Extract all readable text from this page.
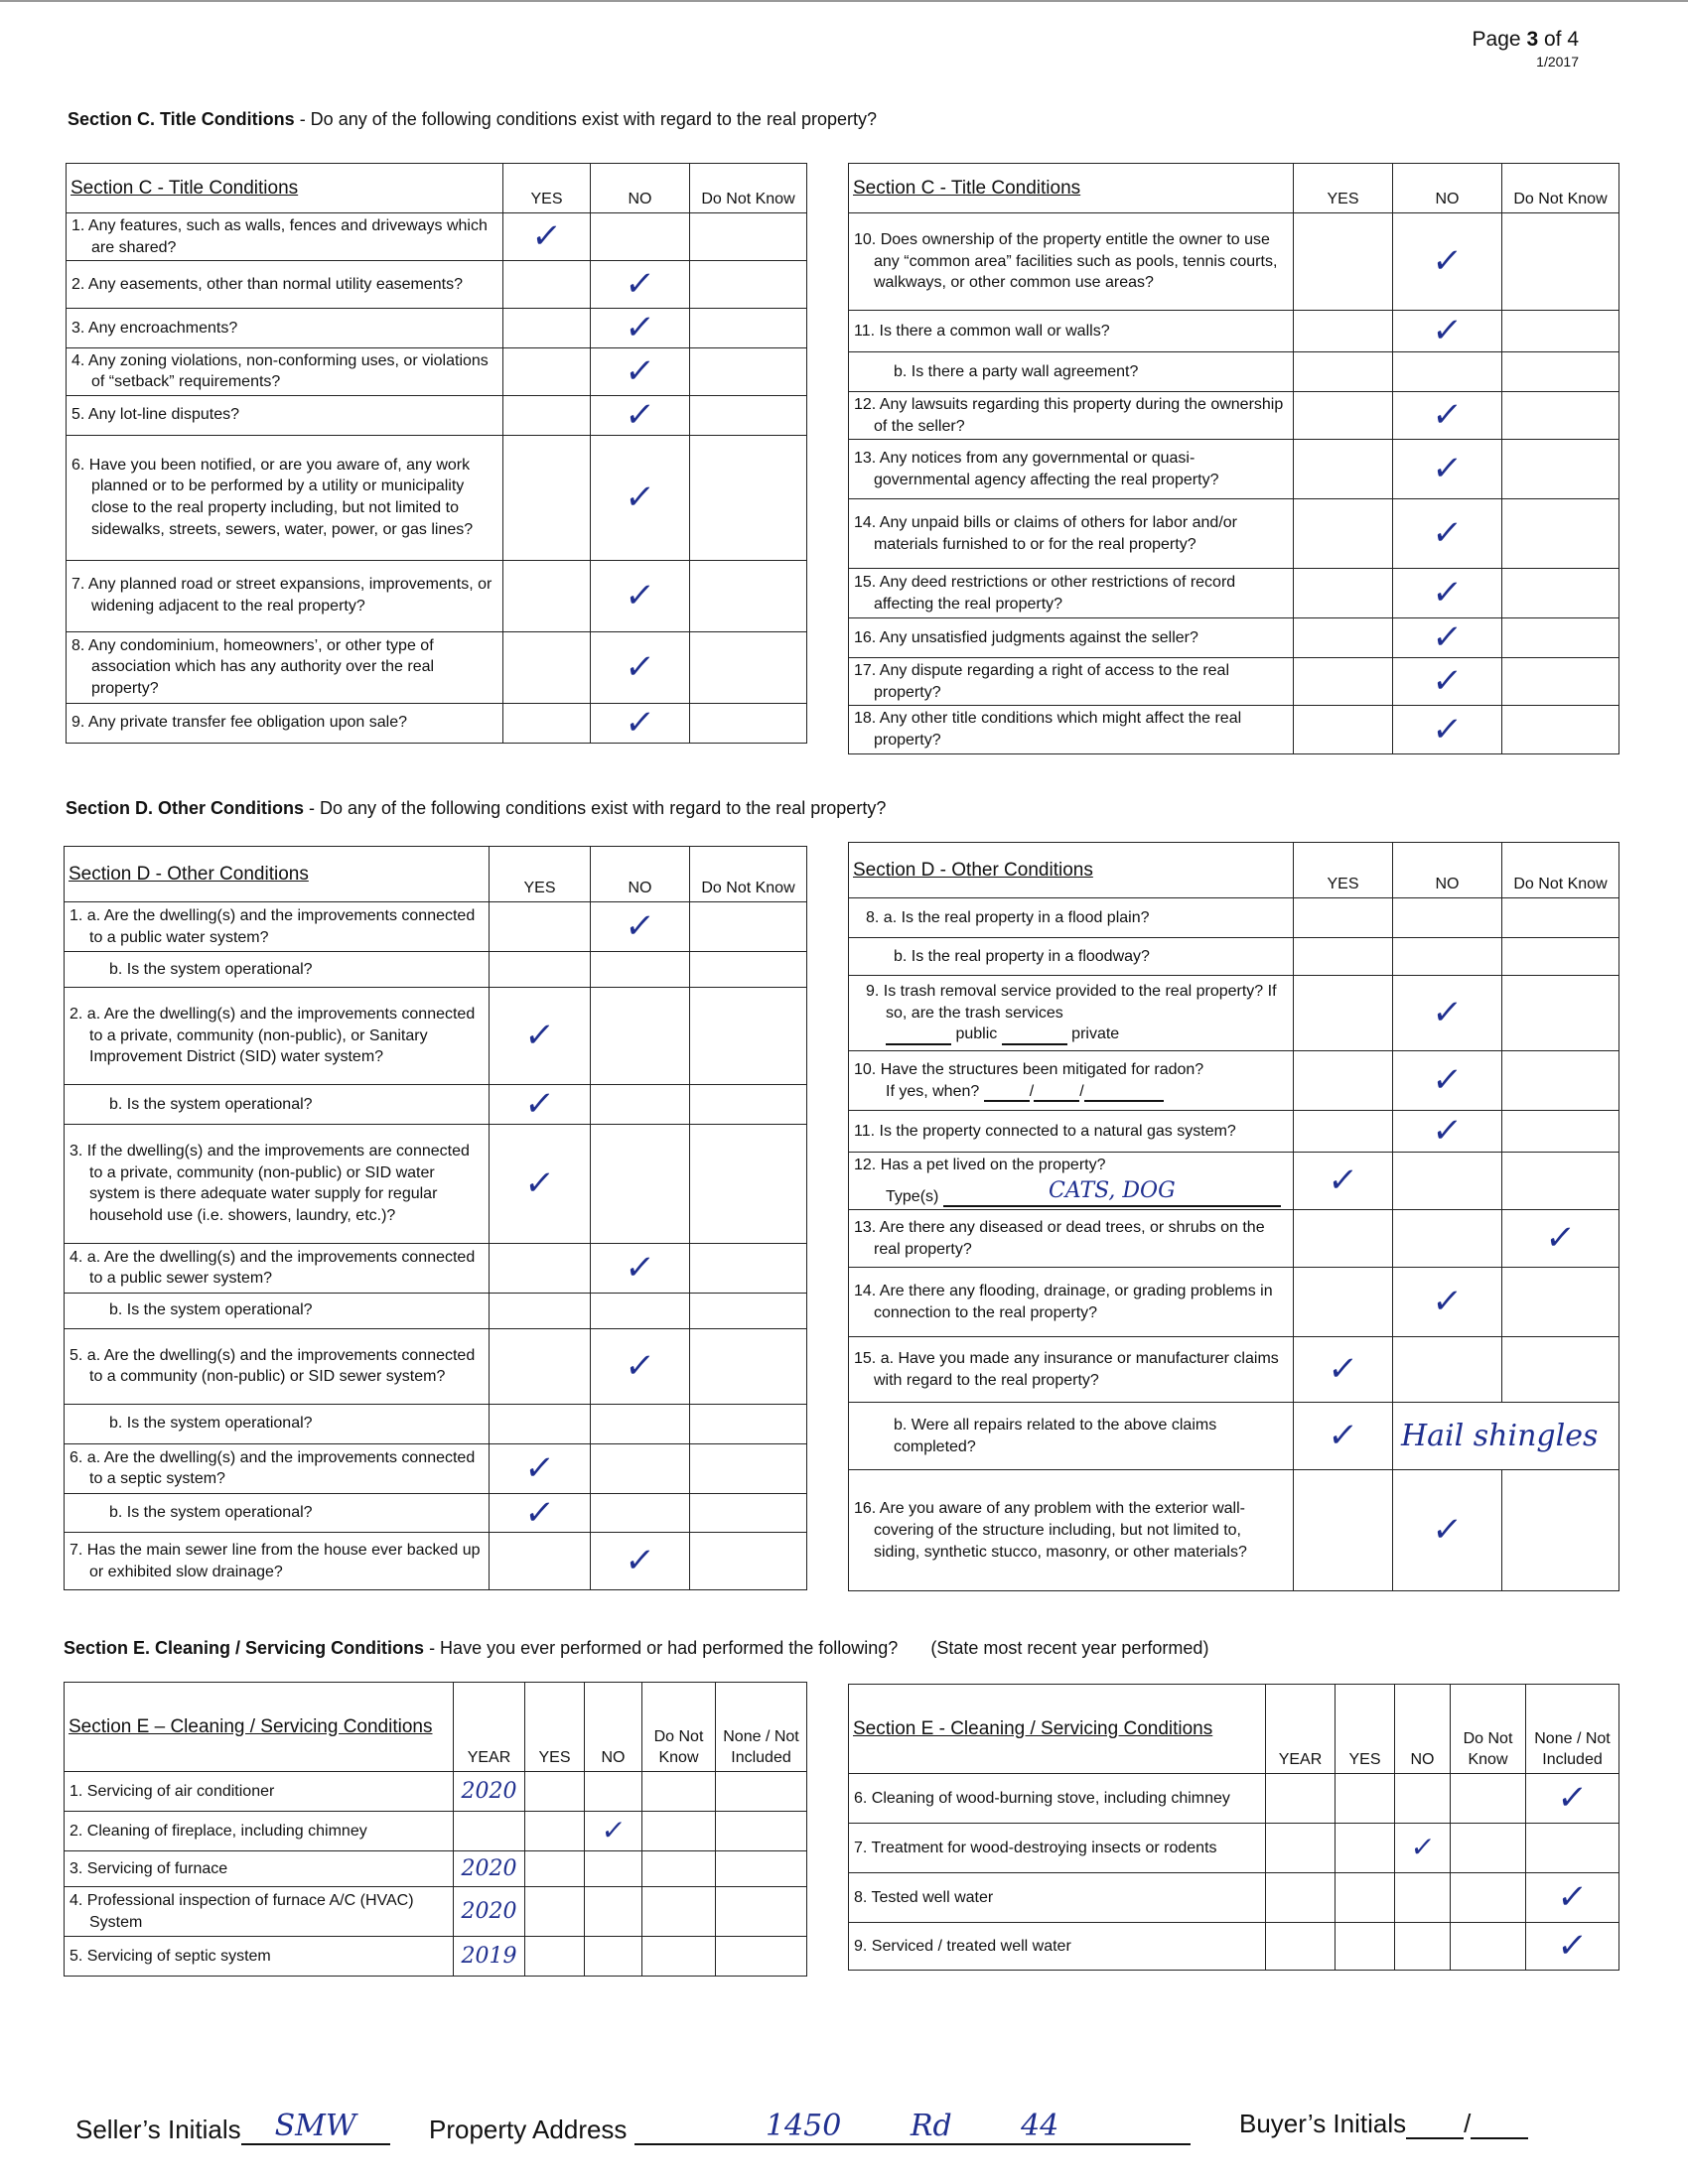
Page 3 of 4
1/2017
Section C. Title Conditions - Do any of the following conditions exist with regard to the real property?
Section C - Title Conditions	YES	NO	Do Not Know

1. Any features, such as walls, fences and driveways which are shared?	✓		

2. Any easements, other than normal utility easements?		✓	

3. Any encroachments?		✓	

4. Any zoning violations, non-conforming uses, or violations of “setback” requirements?		✓	

5. Any lot-line disputes?		✓	

6. Have you been notified, or are you aware of, any work planned or to be performed by a utility or municipality close to the real property including, but not limited to sidewalks, streets, sewers, water, power, or gas lines?		✓	

7. Any planned road or street expansions, improvements, or widening adjacent to the real property?		✓	

8. Any condominium, homeowners’, or other type of association which has any authority over the real property?		✓	

9. Any private transfer fee obligation upon sale?		✓	
Section C - Title Conditions	YES	NO	Do Not Know

10. Does ownership of the property entitle the owner to use any “common area” facilities such as pools, tennis courts, walkways, or other common use areas?		✓	

11. Is there a common wall or walls?		✓	

b. Is there a party wall agreement?			

12. Any lawsuits regarding this property during the ownership of the seller?		✓	

13. Any notices from any governmental or quasi-governmental agency affecting the real property?		✓	

14. Any unpaid bills or claims of others for labor and/or materials furnished to or for the real property?		✓	

15. Any deed restrictions or other restrictions of record affecting the real property?		✓	

16. Any unsatisfied judgments against the seller?		✓	

17. Any dispute regarding a right of access to the real property?		✓	

18. Any other title conditions which might affect the real property?		✓	
Section D. Other Conditions - Do any of the following conditions exist with regard to the real property?
Section D - Other Conditions	YES	NO	Do Not Know

1. a. Are the dwelling(s) and the improvements connected to a public water system?		✓	

b. Is the system operational?			

2. a. Are the dwelling(s) and the improvements connected to a private, community (non-public), or Sanitary Improvement District (SID) water system?	✓		

b. Is the system operational?	✓		

3. If the dwelling(s) and the improvements are connected to a private, community (non-public) or SID water system is there adequate water supply for regular household use (i.e. showers, laundry, etc.)?	✓		

4. a. Are the dwelling(s) and the improvements connected to a public sewer system?		✓	

b. Is the system operational?			

5. a. Are the dwelling(s) and the improvements connected to a community (non-public) or SID sewer system?		✓	

b. Is the system operational?			

6. a. Are the dwelling(s) and the improvements connected to a septic system?	✓		

b. Is the system operational?	✓		

7. Has the main sewer line from the house ever backed up or exhibited slow drainage?		✓	
Section D - Other Conditions	YES	NO	Do Not Know

8. a. Is the real property in a flood plain?			

b. Is the real property in a floodway?			

9. Is trash removal service provided to the real property? If so, are the trash services
public private		✓	

10. Have the structures been mitigated for radon?
If yes, when? / /		✓	

11. Is the property connected to a natural gas system?		✓	

12. Has a pet lived on the property?
Type(s) CATS, DOG	✓		

13. Are there any diseased or dead trees, or shrubs on the real property?			✓

14. Are there any flooding, drainage, or grading problems in connection to the real property?		✓	

15. a. Have you made any insurance or manufacturer claims with regard to the real property?	✓		

b. Were all repairs related to the above claims completed?	✓	Hail shingles	

16. Are you aware of any problem with the exterior wall-covering of the structure including, but not limited to, siding, synthetic stucco, masonry, or other materials?		✓	
Section E. Cleaning / Servicing Conditions - Have you ever performed or had performed the following? (State most recent year performed)
Section E – Cleaning / Servicing Conditions	YEAR	YES	NO	Do Not Know	None / Not Included
1. Servicing of air conditioner	2020				
2. Cleaning of fireplace, including chimney			✓		
3. Servicing of furnace	2020				

4. Professional inspection of furnace A/C (HVAC) System	2020				
5. Servicing of septic system	2019				
Section E - Cleaning / Servicing Conditions	YEAR	YES	NO	Do Not Know	None / Not Included

6. Cleaning of wood-burning stove, including chimney					✓

7. Treatment for wood-destroying insects or rodents			✓		
8. Tested well water					✓
9. Serviced / treated well water					✓
Seller’s Initials SMW	Property Address	1450 Rd 44	Buyer’s Initials /
